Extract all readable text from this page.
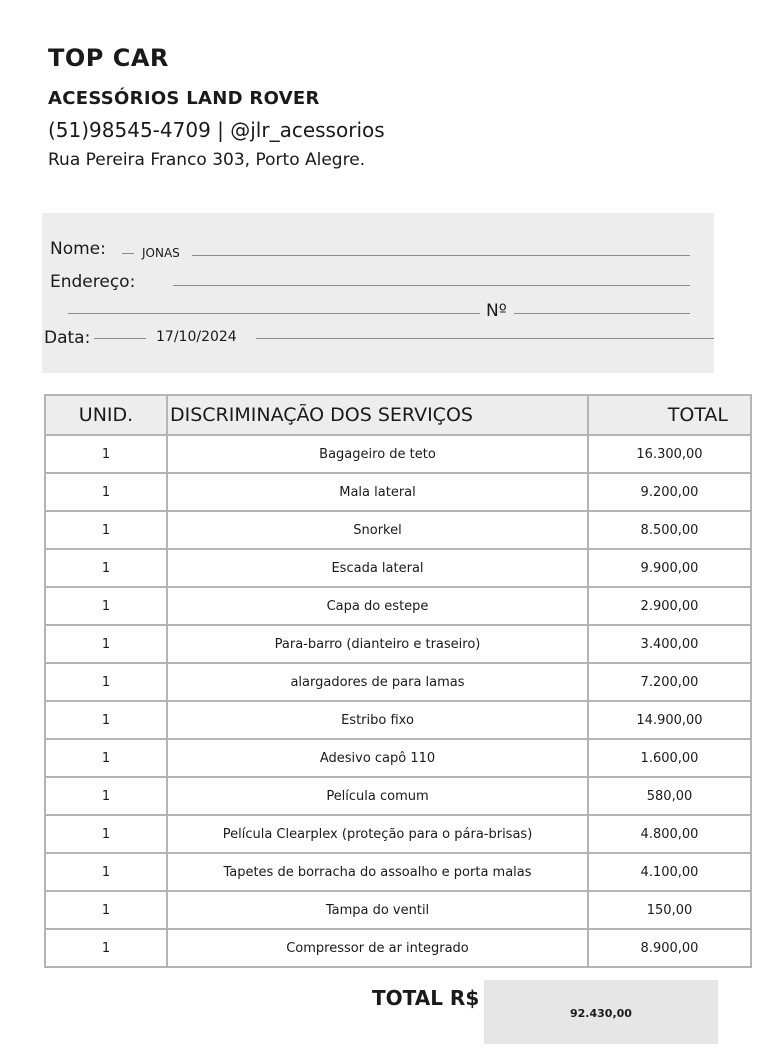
TOP CAR
ACESSÓRIOS LAND ROVER
(51)98545-4709 | @jlr_acessorios
Rua Pereira Franco 303, Porto Alegre.
Nome:	JONAS
Endereço:
Nº
Data:	17/10/2024
UNID.	DISCRIMINAÇÃO DOS SERVIÇOS	TOTAL
1	Bagageiro de teto	16.300,00
1	Mala lateral	9.200,00
1	Snorkel	8.500,00
1	Escada lateral	9.900,00
1	Capa do estepe	2.900,00
1	Para-barro (dianteiro e traseiro)	3.400,00
1	alargadores de para lamas	7.200,00
1	Estribo fixo	14.900,00
1	Adesivo capô 110	1.600,00
1	Película comum	580,00
1	Película Clearplex (proteção para o pára-brisas)	4.800,00
1	Tapetes de borracha do assoalho e porta malas	4.100,00
1	Tampa do ventil	150,00
1	Compressor de ar integrado	8.900,00
TOTAL R$
92.430,00
